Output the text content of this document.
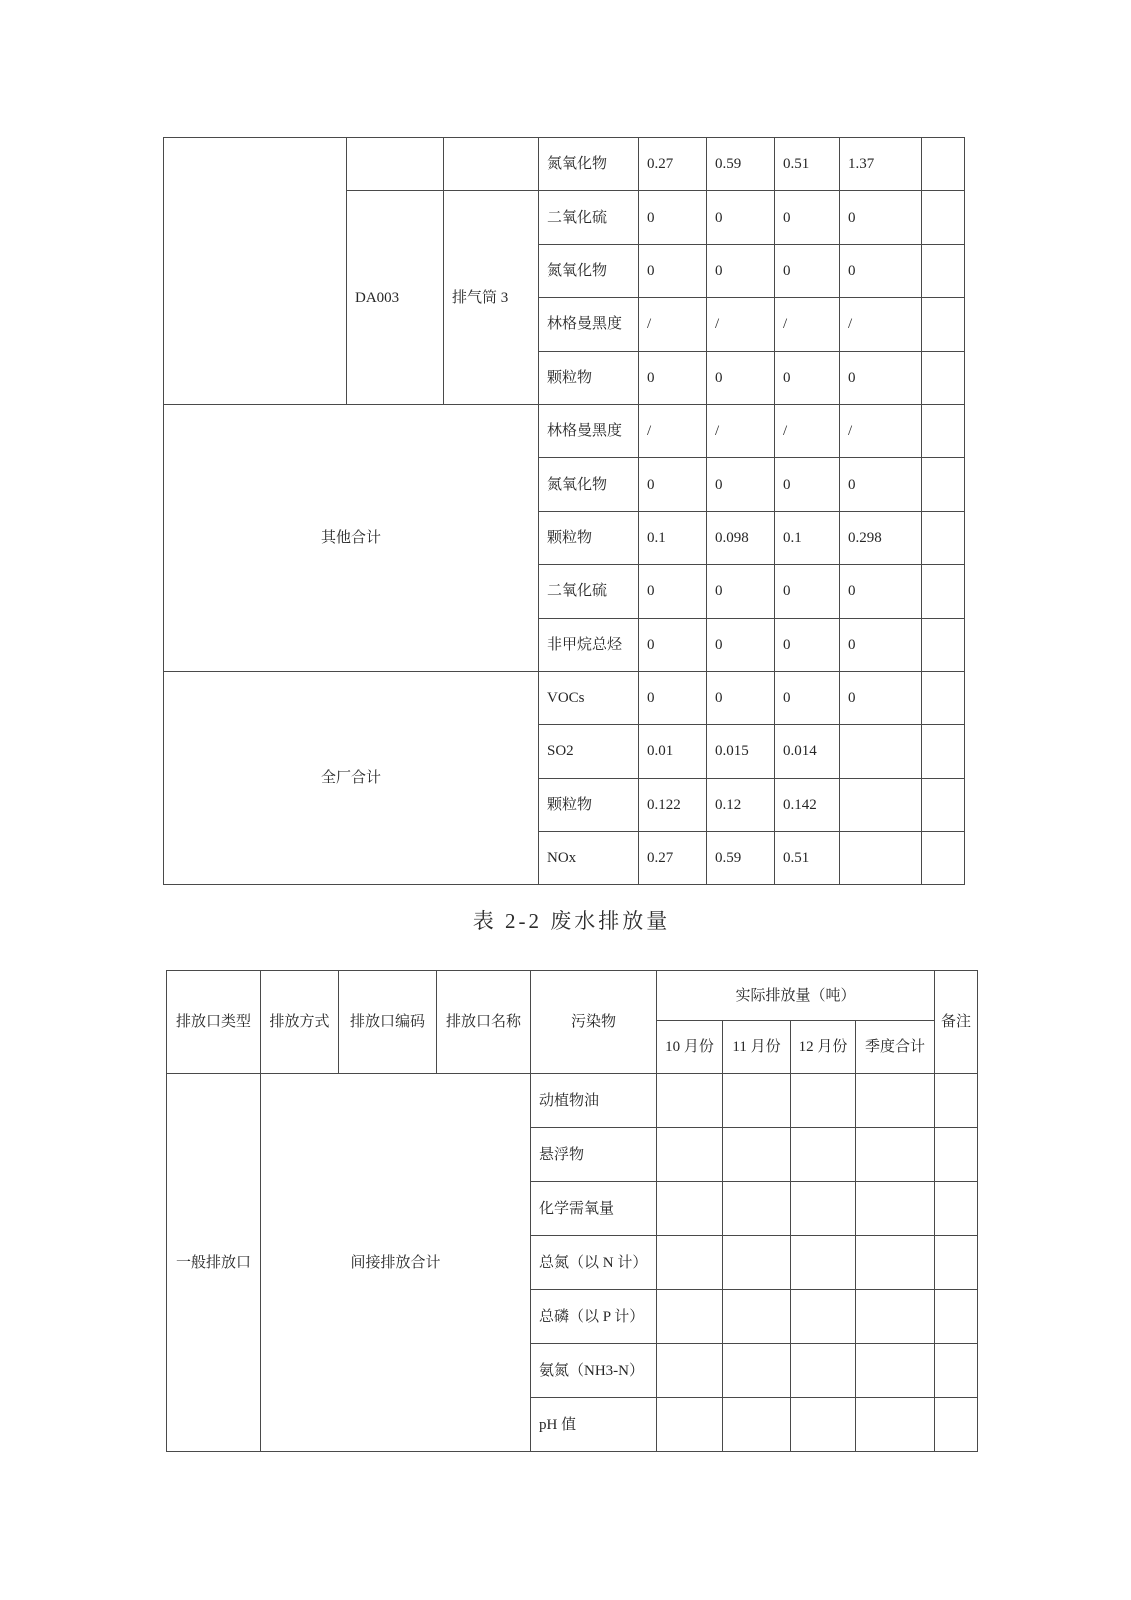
			氮氧化物	0.27	0.59	0.51	1.37	
	DA003	排气筒 3	二氧化硫	0	0	0	0	
			氮氧化物	0	0	0	0	
			林格曼黑度	/	/	/	/	
			颗粒物	0	0	0	0	
其他合计			林格曼黑度	/	/	/	/	
			氮氧化物	0	0	0	0	
			颗粒物	0.1	0.098	0.1	0.298	
			二氧化硫	0	0	0	0	
			非甲烷总烃	0	0	0	0	
全厂合计			VOCs	0	0	0	0	
			SO2	0.01	0.015	0.014		
			颗粒物	0.122	0.12	0.142		
			NOx	0.27	0.59	0.51		
表 2-2 废水排放量
排放口类型	排放方式	排放口编码	排放口名称	污染物	实际排放量（吨）				备注
					10 月份	11 月份	12 月份	季度合计	
一般排放口	间接排放合计			动植物油					
				悬浮物					
				化学需氧量					
				总氮（以 N 计）					
				总磷（以 P 计）					
				氨氮（NH3-N）					
				pH 值					
